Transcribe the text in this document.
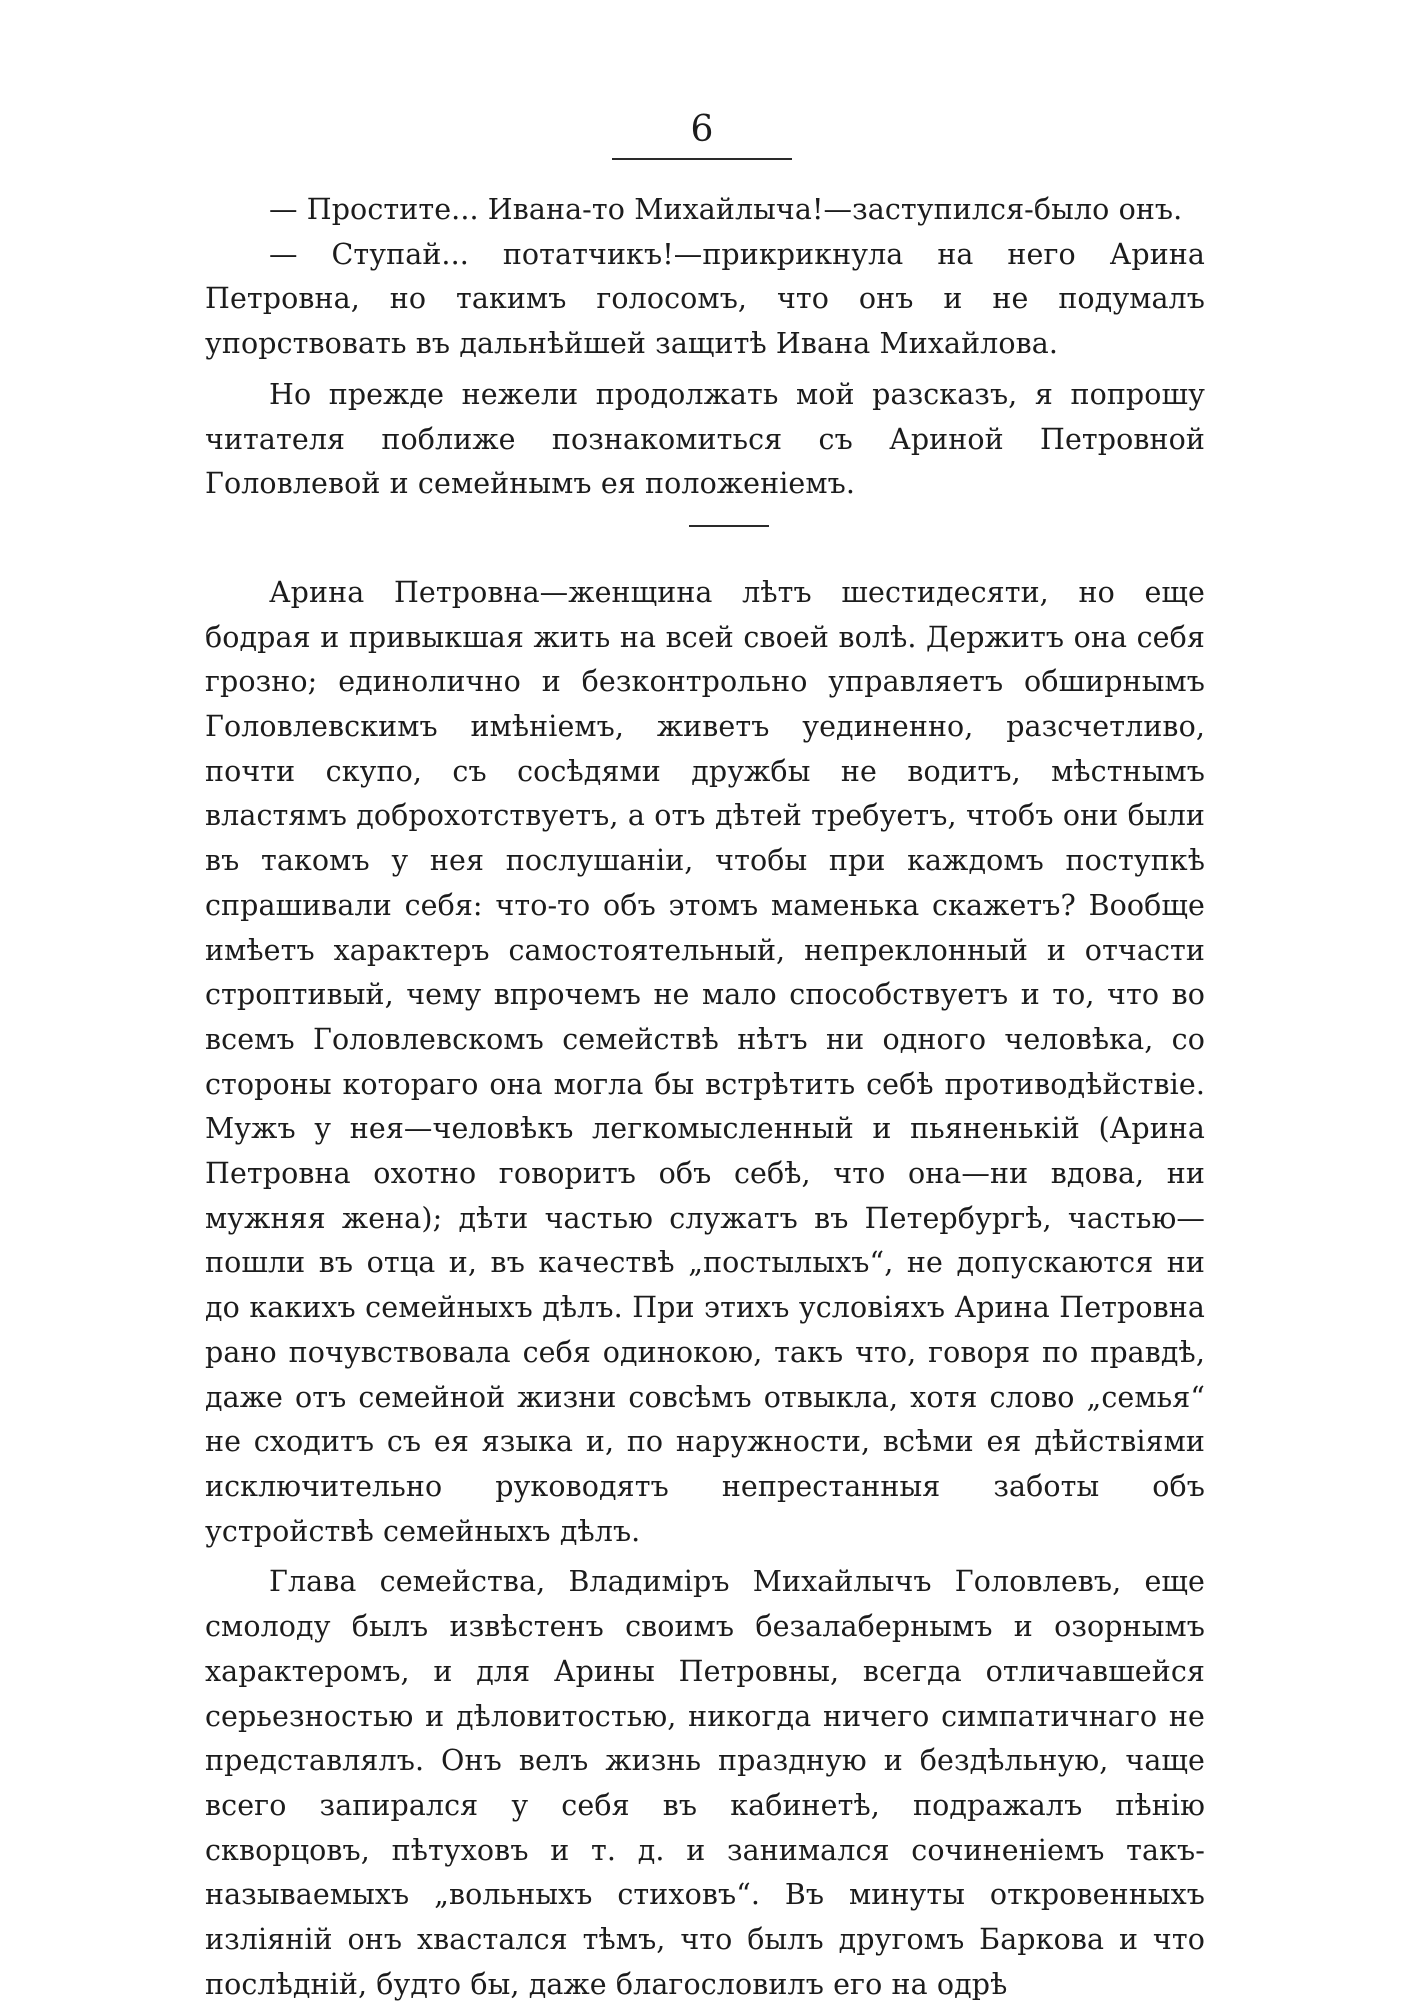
6

— Простите... Ивана-то Михайлыча!—заступился-было онъ.

— Ступай... потатчикъ!—прикрикнула на него Арина Петровна, но такимъ голосомъ, что онъ и не подумалъ упорствовать въ дальнѣйшей защитѣ Ивана Михайлова.

Но прежде нежели продолжать мой разсказъ, я попрошу читателя поближе познакомиться съ Ариной Петровной Головлевой и семейнымъ ея положеніемъ.

Арина Петровна—женщина лѣтъ шестидесяти, но еще бодрая и привыкшая жить на всей своей волѣ. Держитъ она себя грозно; единолично и безконтрольно управляетъ обширнымъ Головлевскимъ имѣніемъ, живетъ уединенно, разсчетливо, почти скупо, съ сосѣдями дружбы не водитъ, мѣстнымъ властямъ доброхотствуетъ, а отъ дѣтей требуетъ, чтобъ они были въ такомъ у нея послушаніи, чтобы при каждомъ поступкѣ спрашивали себя: что-то объ этомъ маменька скажетъ? Вообще имѣетъ характеръ самостоятельный, непреклонный и отчасти строптивый, чему впрочемъ не мало способствуетъ и то, что во всемъ Головлевскомъ семействѣ нѣтъ ни одного человѣка, со стороны котораго она могла бы встрѣтить себѣ противодѣйствіе. Мужъ у нея—человѣкъ легкомысленный и пьяненькій (Арина Петровна охотно говоритъ объ себѣ, что она—ни вдова, ни мужняя жена); дѣти частью служатъ въ Петербургѣ, частью—пошли въ отца и, въ качествѣ „постылыхъ“, не допускаются ни до какихъ семейныхъ дѣлъ. При этихъ условіяхъ Арина Петровна рано почувствовала себя одинокою, такъ что, говоря по правдѣ, даже отъ семейной жизни совсѣмъ отвыкла, хотя слово „семья“ не сходитъ съ ея языка и, по наружности, всѣми ея дѣйствіями исключительно руководятъ непрестанныя заботы объ устройствѣ семейныхъ дѣлъ.

Глава семейства, Владиміръ Михайлычъ Головлевъ, еще смолоду былъ извѣстенъ своимъ безалабернымъ и озорнымъ характеромъ, и для Арины Петровны, всегда отличавшейся серьезностью и дѣловитостью, никогда ничего симпатичнаго не представлялъ. Онъ велъ жизнь праздную и бездѣльную, чаще всего запирался у себя въ кабинетѣ, подражалъ пѣнію скворцовъ, пѣтуховъ и т. д. и занимался сочиненіемъ такъ-называемыхъ „вольныхъ стиховъ“. Въ минуты откровенныхъ изліяній онъ хвастался тѣмъ, что былъ другомъ Баркова и что послѣдній, будто бы, даже благословилъ его на одрѣ
